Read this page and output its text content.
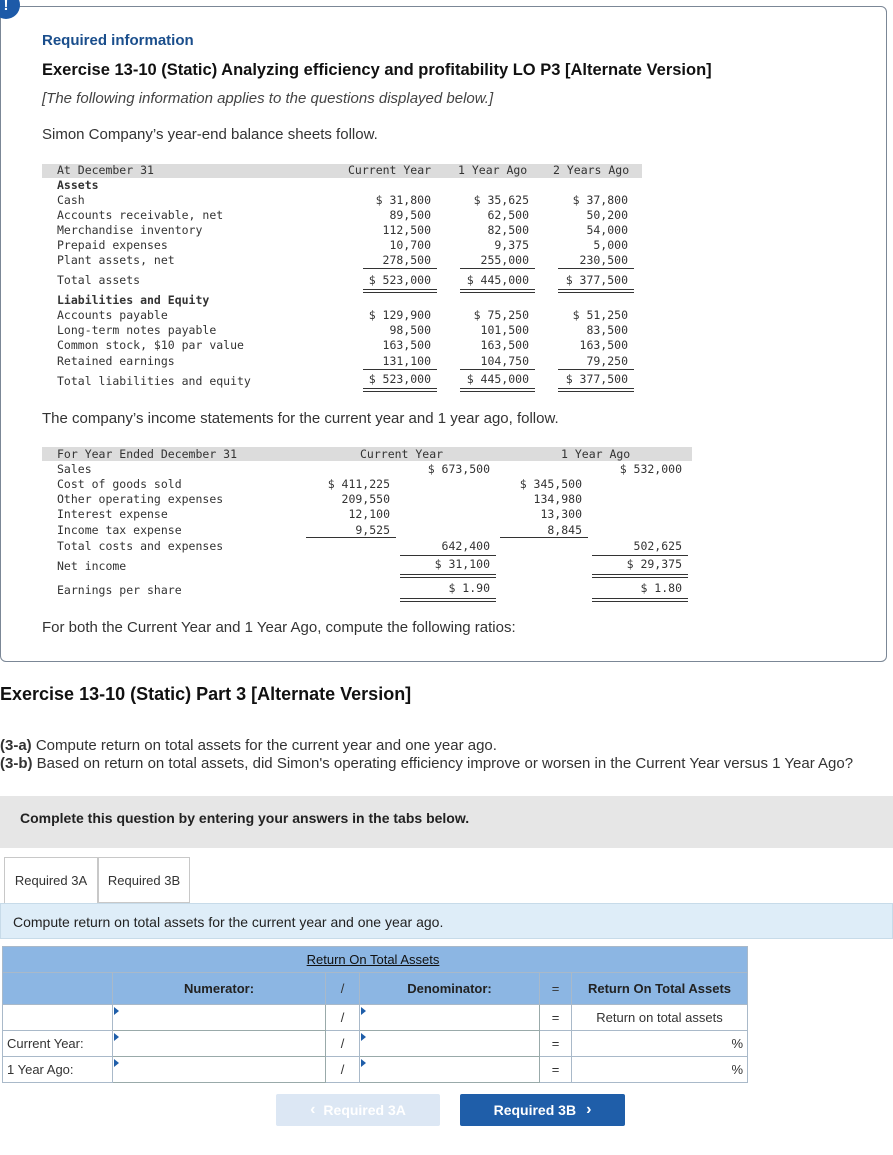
!
Required information
Exercise 13-10 (Static) Analyzing efficiency and profitability LO P3 [Alternate Version]
[The following information applies to the questions displayed below.]
Simon Company’s year-end balance sheets follow.
At December 31	Current Year 1 Year Ago 2 Years Ago
Assets
Cash	$ 31,800	$ 35,625	$ 37,800
Accounts receivable, net	89,500	62,500	50,200
Merchandise inventory	112,500	82,500	54,000
Prepaid expenses	10,700	9,375	5,000
Plant assets, net	278,500	255,000	230,500
Total assets	$ 523,000	$ 445,000	$ 377,500
Liabilities and Equity
Accounts payable	$ 129,900	$ 75,250	$ 51,250
Long-term notes payable	98,500	101,500	83,500
Common stock, $10 par value	163,500	163,500	163,500
Retained earnings	131,100	104,750	79,250
Total liabilities and equity	$ 523,000	$ 445,000	$ 377,500
The company’s income statements for the current year and 1 year ago, follow.
For Year Ended December 31	Current Year	1 Year Ago
Sales	$ 673,500	$ 532,000
Cost of goods sold	$ 411,225	$ 345,500
Other operating expenses	209,550	134,980
Interest expense	12,100	13,300
Income tax expense	9,525	8,845
Total costs and expenses	642,400	502,625
Net income	$ 31,100	$ 29,375
Earnings per share	$ 1.90	$ 1.80
For both the Current Year and 1 Year Ago, compute the following ratios:
Exercise 13-10 (Static) Part 3 [Alternate Version]
(3-a) Compute return on total assets for the current year and one year ago.
(3-b) Based on return on total assets, did Simon's operating efficiency improve or worsen in the Current Year versus 1 Year Ago?
Complete this question by entering your answers in the tabs below.
Required 3A Required 3B
Compute return on total assets for the current year and one year ago.
Return On Total Assets					
	Numerator:	/	Denominator:	=	Return On Total Assets

	/		=	Return on total assets
Current Year:		/		=	%
1 Year Ago:		/		=	%
‹ Required 3A	Required 3B ›
